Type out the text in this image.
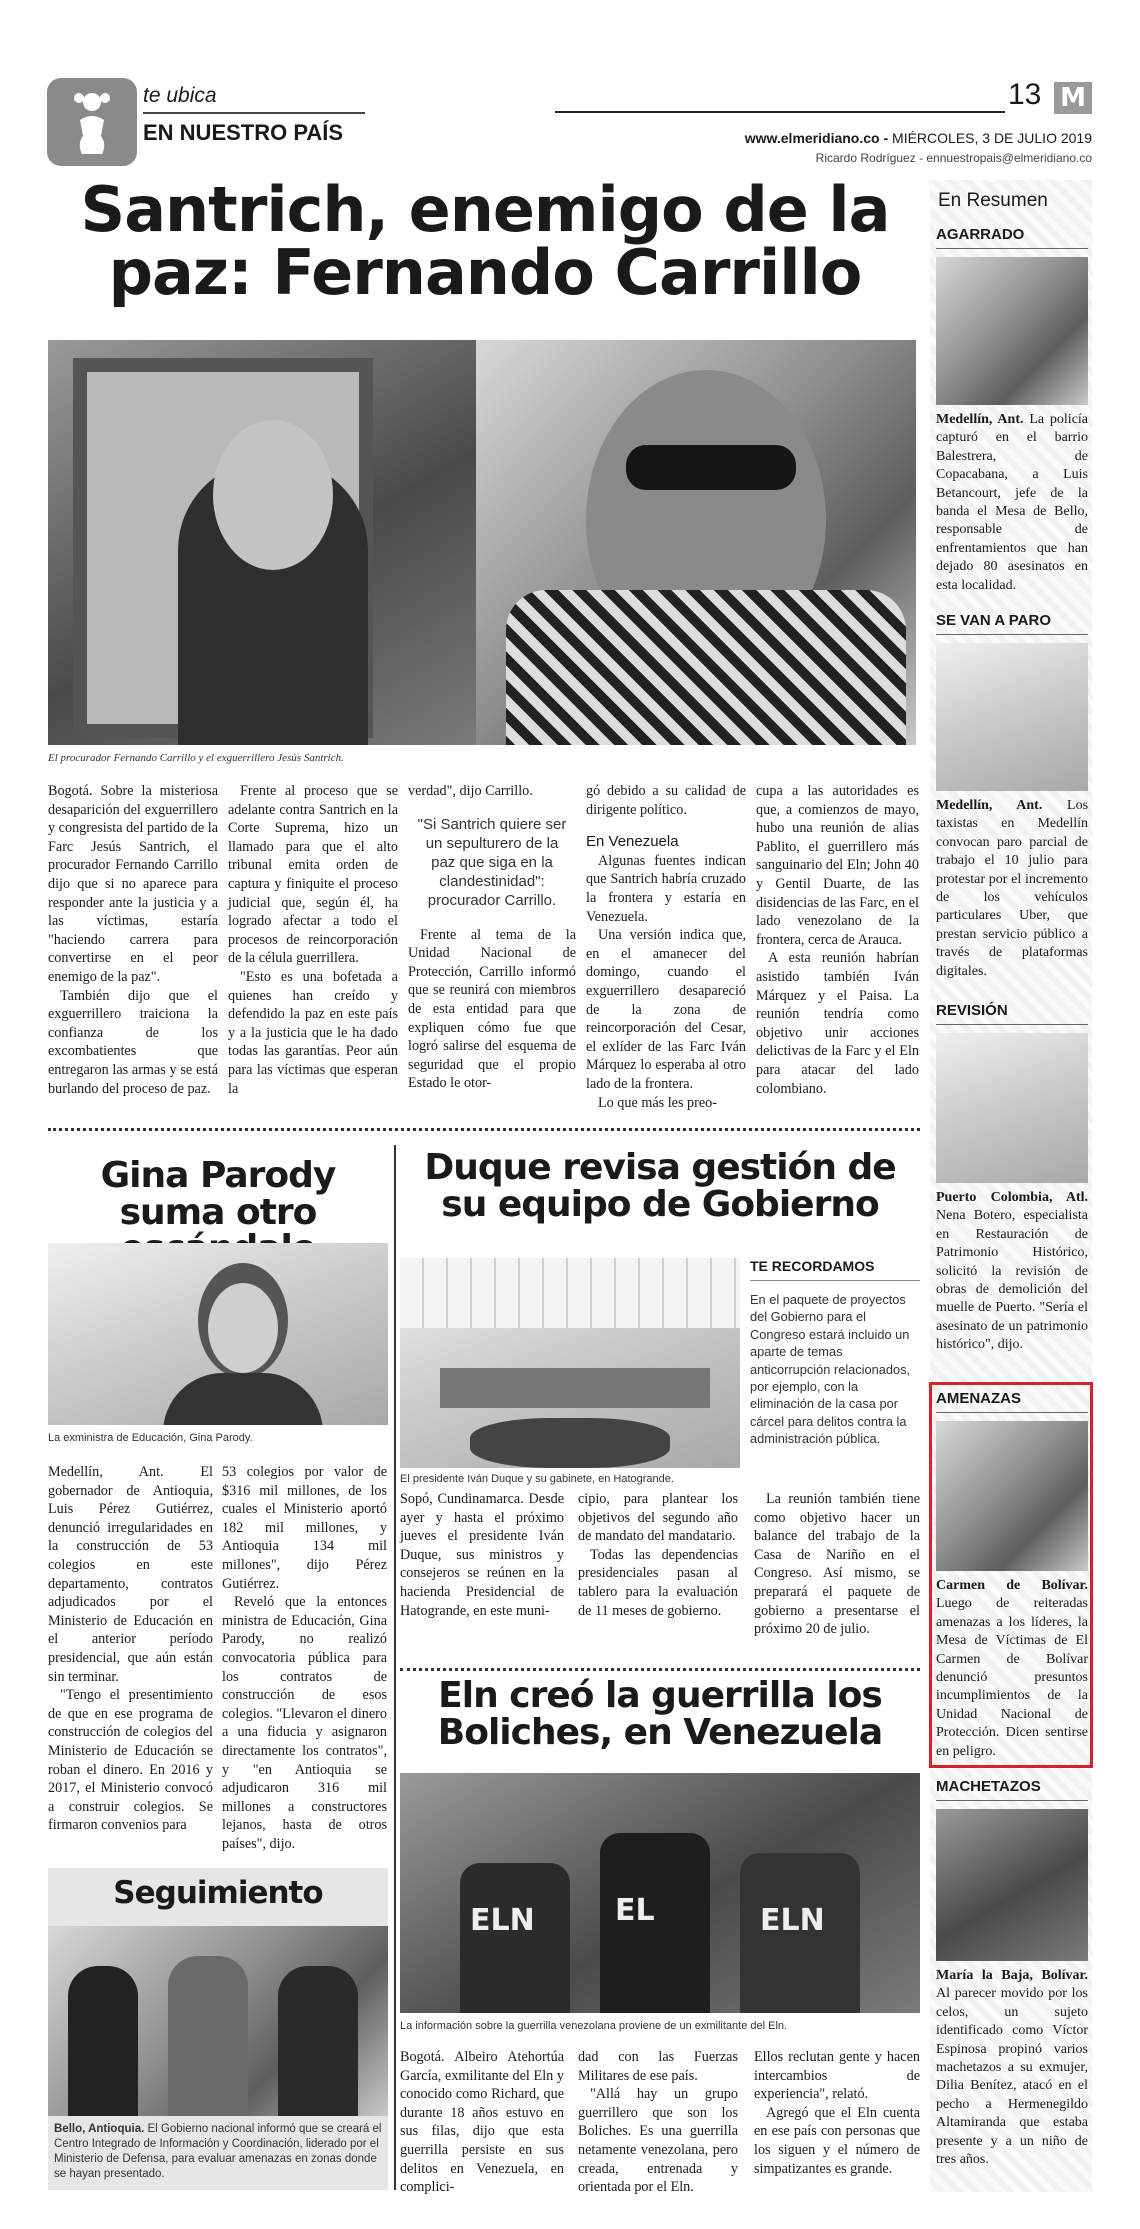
te ubica
EN NUESTRO PAÍS
13 M
www.elmeridiano.co - MIÉRCOLES, 3 DE JULIO 2019
Ricardo Rodríguez - ennuestropais@elmeridiano.co
Santrich, enemigo de la paz: Fernando Carrillo
El procurador Fernando Carrillo y el exguerrillero Jesús Santrich.

Bogotá. Sobre la misteriosa desaparición del exguerrillero y congresista del partido de la Farc Jesús Santrich, el procurador Fernando Carrillo dijo que si no aparece para responder ante la justicia y a las víctimas, estaría "haciendo carrera para convertirse en el peor enemigo de la paz".

También dijo que el exguerrillero traiciona la confianza de los excombatientes que entregaron las armas y se está burlando del proceso de paz.

Frente al proceso que se adelante contra Santrich en la Corte Suprema, hizo un llamado para que el alto tribunal emita orden de captura y finiquite el proceso judicial que, según él, ha logrado afectar a todo el procesos de reincorporación de la célula guerrillera.

"Esto es una bofetada a quienes han creído y defendido la paz en este país y a la justicia que le ha dado todas las garantías. Peor aún para las víctimas que esperan la

verdad", dijo Carrillo.

"Si Santrich quiere ser un sepulturero de la paz que siga en la clandestinidad": procurador Carrillo.

Frente al tema de la Unidad Nacional de Protección, Carrillo informó que se reunirá con miembros de esta entidad para que expliquen cómo fue que logró salirse del esquema de seguridad que el propio Estado le otor-

gó debido a su calidad de dirigente político.

En Venezuela

Algunas fuentes indican que Santrich habría cruzado la frontera y estaría en Venezuela.

Una versión indica que, en el amanecer del domingo, cuando el exguerrillero desapareció de la zona de reincorporación del Cesar, el exlíder de las Farc Iván Márquez lo esperaba al otro lado de la frontera.

Lo que más les preo-

cupa a las autoridades es que, a comienzos de mayo, hubo una reunión de alias Pablito, el guerrillero más sanguinario del Eln; John 40 y Gentil Duarte, de las disidencias de las Farc, en el lado venezolano de la frontera, cerca de Arauca.

A esta reunión habrían asistido también Iván Márquez y el Paisa. La reunión tendría como objetivo unir acciones delictivas de la Farc y el Eln para atacar del lado colombiano.

Gina Parody suma otro
La exministra de Educación, Gina Parody.

Medellín, Ant. El gobernador de Antioquia, Luis Pérez Gutiérrez, denunció irregularidades en la construcción de 53 colegios en este departamento, contratos adjudicados por el Ministerio de Educación en el anterior período presidencial, que aún están sin terminar.

"Tengo el presentimiento de que en ese programa de construcción de colegios del Ministerio de Educación se roban el dinero. En 2016 y 2017, el Ministerio convocó a construir colegios. Se firmaron convenios para

53 colegios por valor de $316 mil millones, de los cuales el Ministerio aportó 182 mil millones, y Antioquia 134 mil millones", dijo Pérez Gutiérrez.

Reveló que la entonces ministra de Educación, Gina Parody, no realizó convocatoria pública para los contratos de construcción de esos colegios. "Llevaron el dinero a una fiducia y asignaron directamente los contratos", y "en Antioquia se adjudicaron 316 mil millones a constructores lejanos, hasta de otros países", dijo.

Seguimiento
Bello, Antioquia. El Gobierno nacional informó que se creará el Centro Integrado de Información y Coordinación, liderado por el Ministerio de Defensa, para evaluar amenazas en zonas donde se hayan presentado.
Duque revisa gestión de su equipo de Gobierno
El presidente Iván Duque y su gabinete, en Hatogrande.
TE RECORDAMOS
En el paquete de proyectos del Gobierno para el Congreso estará incluido un aparte de temas anticorrupción relacionados, por ejemplo, con la eliminación de la casa por cárcel para delitos contra la administración pública.

Sopó, Cundinamarca. Desde ayer y hasta el próximo jueves el presidente Iván Duque, sus ministros y consejeros se reúnen en la hacienda Presidencial de Hatogrande, en este muni-

cipio, para plantear los objetivos del segundo año de mandato del mandatario.

Todas las dependencias presidenciales pasan al tablero para la evaluación de 11 meses de gobierno.

La reunión también tiene como objetivo hacer un balance del trabajo de la Casa de Nariño en el Congreso. Así mismo, se preparará el paquete de gobierno a presentarse el próximo 20 de julio.

Eln creó la guerrilla los Boliches, en Venezuela
ELN	EL	ELN
La información sobre la guerrilla venezolana proviene de un exmilitante del Eln.

Bogotá. Albeiro Atehortúa García, exmilitante del Eln y conocido como Richard, que durante 18 años estuvo en sus filas, dijo que esta guerrilla persiste en sus delitos en Venezuela, en complici-

dad con las Fuerzas Militares de ese país.

"Allá hay un grupo guerrillero que son los Boliches. Es una guerrilla netamente venezolana, pero creada, entrenada y orientada por el Eln.

Ellos reclutan gente y hacen intercambios de experiencia", relató.

Agregó que el Eln cuenta en ese país con personas que los siguen y el número de simpatizantes es grande.

En Resumen
AGARRADO
Medellín, Ant. La policía capturó en el barrio Balestrera, de Copacabana, a Luis Betancourt, jefe de la banda el Mesa de Bello, responsable de enfrentamientos que han dejado 80 asesinatos en esta localidad.
SE VAN A PARO
Medellín, Ant. Los taxistas en Medellín convocan paro parcial de trabajo el 10 julio para protestar por el incremento de los vehículos particulares Uber, que prestan servicio público a través de plataformas digitales.
REVISIÓN
Puerto Colombia, Atl. Nena Botero, especialista en Restauración de Patrimonio Histórico, solicitó la revisión de obras de demolición del muelle de Puerto. "Sería el asesinato de un patrimonio histórico", dijo.
AMENAZAS
Carmen de Bolívar. Luego de reiteradas amenazas a los líderes, la Mesa de Víctimas de El Carmen de Bolívar denunció presuntos incumplimientos de la Unidad Nacional de Protección. Dicen sentirse en peligro.
MACHETAZOS
María la Baja, Bolívar. Al parecer movido por los celos, un sujeto identificado como Víctor Espinosa propinó varios machetazos a su exmujer, Dilia Benítez, atacó en el pecho a Hermenegildo Altamiranda que estaba presente y a un niño de tres años.
